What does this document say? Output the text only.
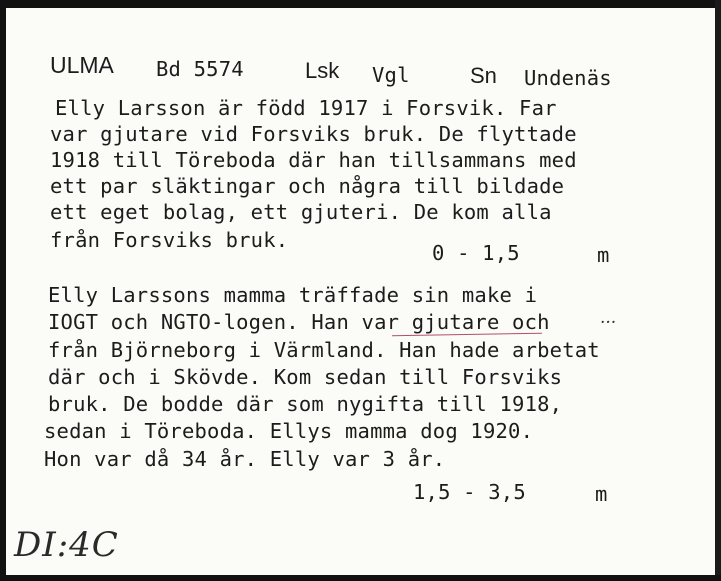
ULMA Bd 5574	Lsk Vgl	Sn Undenäs
Elly Larsson är född 1917 i Forsvik. Far
var gjutare vid Forsviks bruk. De flyttade
1918 till Töreboda där han tillsammans med
ett par släktingar och några till bildade
ett eget bolag, ett gjuteri. De kom alla
från Forsviks bruk.
0 - 1,5	m
Elly Larssons mamma träffade sin make i
IOGT och NGTO-logen. Han var gjutare och	...
från Björneborg i Värmland. Han hade arbetat
där och i Skövde. Kom sedan till Forsviks
bruk. De bodde där som nygifta till 1918,
sedan i Töreboda. Ellys mamma dog 1920.
Hon var då 34 år. Elly var 3 år.
1,5 - 3,5	m
DI:4C
